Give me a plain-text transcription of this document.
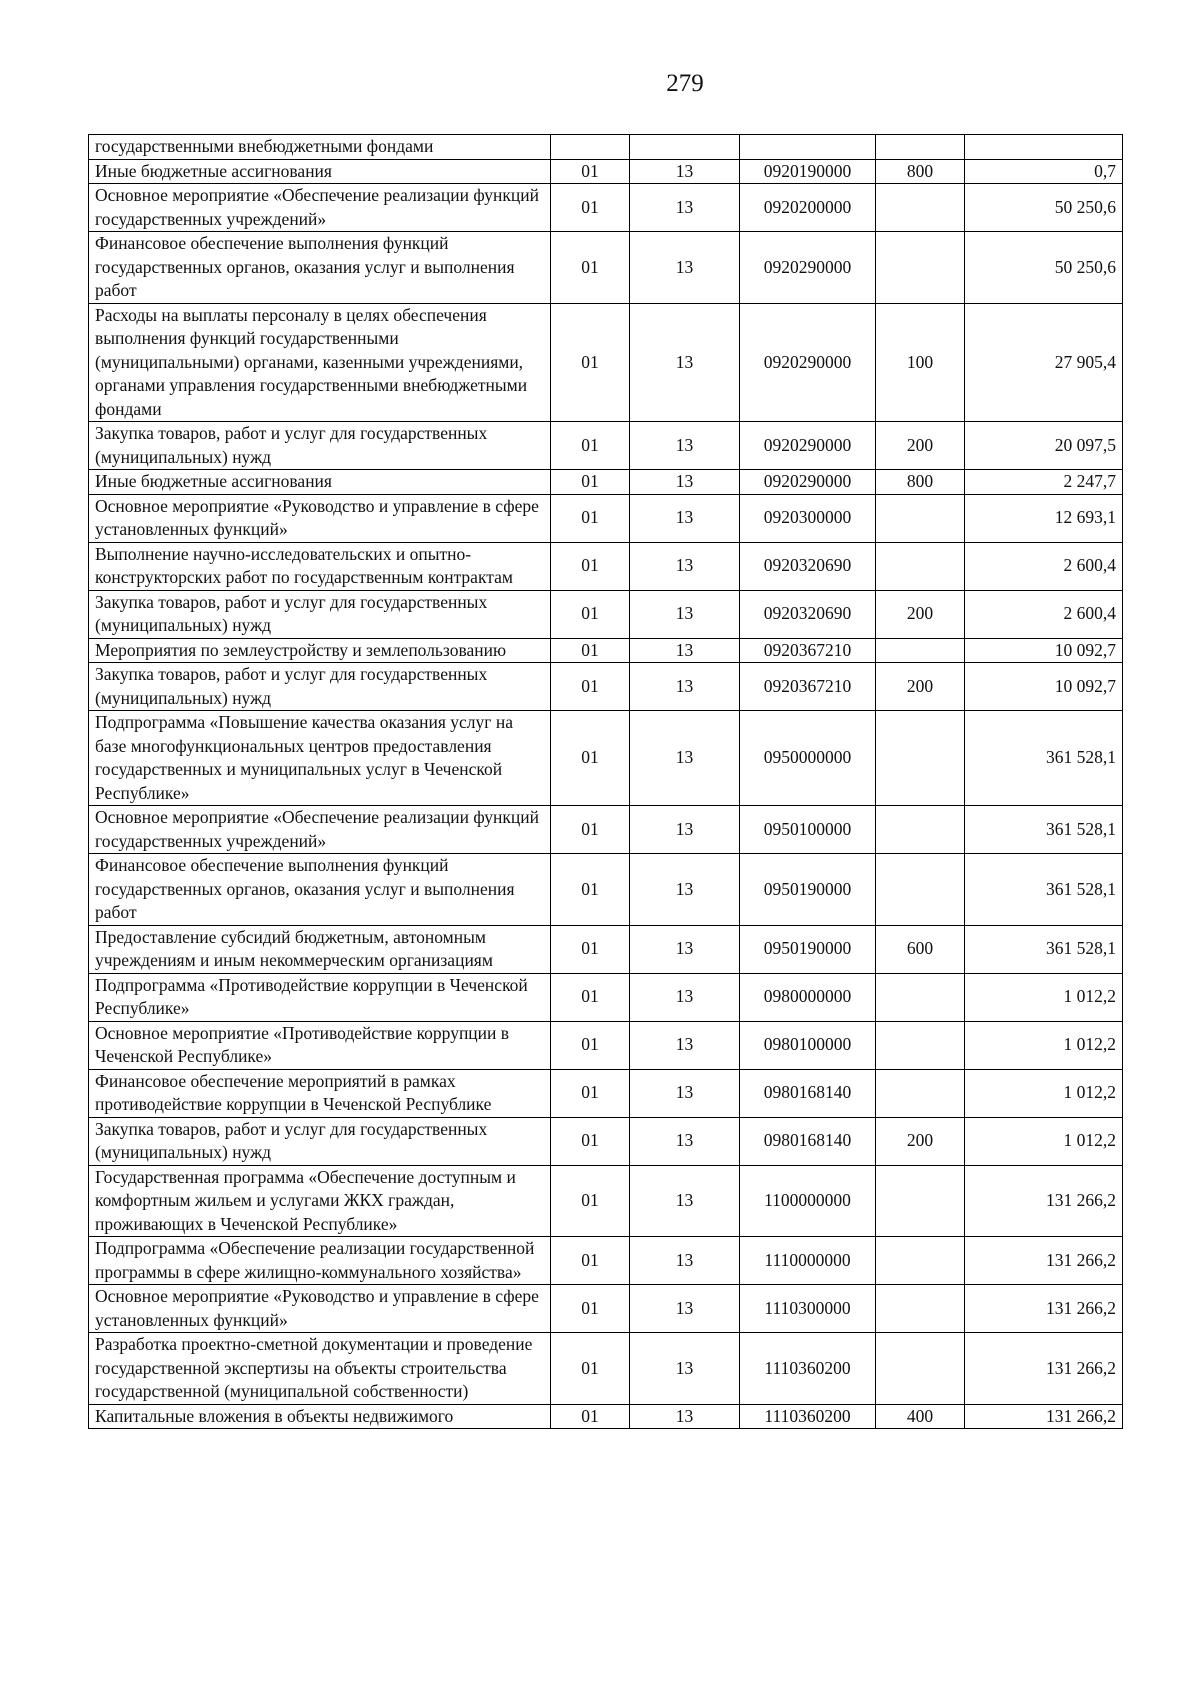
279
государственными внебюджетными фондами					
Иные бюджетные ассигнования	01	13	0920190000	800	0,7
Основное мероприятие «Обеспечение реализации функций государственных учреждений»	01	13	0920200000		50 250,6
Финансовое обеспечение выполнения функций государственных органов, оказания услуг и выполнения работ	01	13	0920290000		50 250,6
Расходы на выплаты персоналу в целях обеспечения выполнения функций государственными (муниципальными) органами, казенными учреждениями, органами управления государственными внебюджетными фондами	01	13	0920290000	100	27 905,4
Закупка товаров, работ и услуг для государственных (муниципальных) нужд	01	13	0920290000	200	20 097,5
Иные бюджетные ассигнования	01	13	0920290000	800	2 247,7
Основное мероприятие «Руководство и управление в сфере установленных функций»	01	13	0920300000		12 693,1
Выполнение научно-исследовательских и опытно-конструкторских работ по государственным контрактам	01	13	0920320690		2 600,4
Закупка товаров, работ и услуг для государственных (муниципальных) нужд	01	13	0920320690	200	2 600,4
Мероприятия по землеустройству и землепользованию	01	13	0920367210		10 092,7
Закупка товаров, работ и услуг для государственных (муниципальных) нужд	01	13	0920367210	200	10 092,7
Подпрограмма «Повышение качества оказания услуг на базе многофункциональных центров предоставления государственных и муниципальных услуг в Чеченской Республике»	01	13	0950000000		361 528,1
Основное мероприятие «Обеспечение реализации функций государственных учреждений»	01	13	0950100000		361 528,1
Финансовое обеспечение выполнения функций государственных органов, оказания услуг и выполнения работ	01	13	0950190000		361 528,1
Предоставление субсидий бюджетным, автономным учреждениям и иным некоммерческим организациям	01	13	0950190000	600	361 528,1
Подпрограмма «Противодействие коррупции в Чеченской Республике»	01	13	0980000000		1 012,2
Основное мероприятие «Противодействие коррупции в Чеченской Республике»	01	13	0980100000		1 012,2
Финансовое обеспечение мероприятий в рамках противодействие коррупции в Чеченской Республике	01	13	0980168140		1 012,2
Закупка товаров, работ и услуг для государственных (муниципальных) нужд	01	13	0980168140	200	1 012,2
Государственная программа «Обеспечение доступным и комфортным жильем и услугами ЖКХ граждан, проживающих в Чеченской Республике»	01	13	1100000000		131 266,2
Подпрограмма «Обеспечение реализации государственной программы в сфере жилищно-коммунального хозяйства»	01	13	1110000000		131 266,2
Основное мероприятие «Руководство и управление в сфере установленных функций»	01	13	1110300000		131 266,2
Разработка проектно-сметной документации и проведение государственной экспертизы на объекты строительства государственной (муниципальной собственности)	01	13	1110360200		131 266,2
Капитальные вложения в объекты недвижимого	01	13	1110360200	400	131 266,2
